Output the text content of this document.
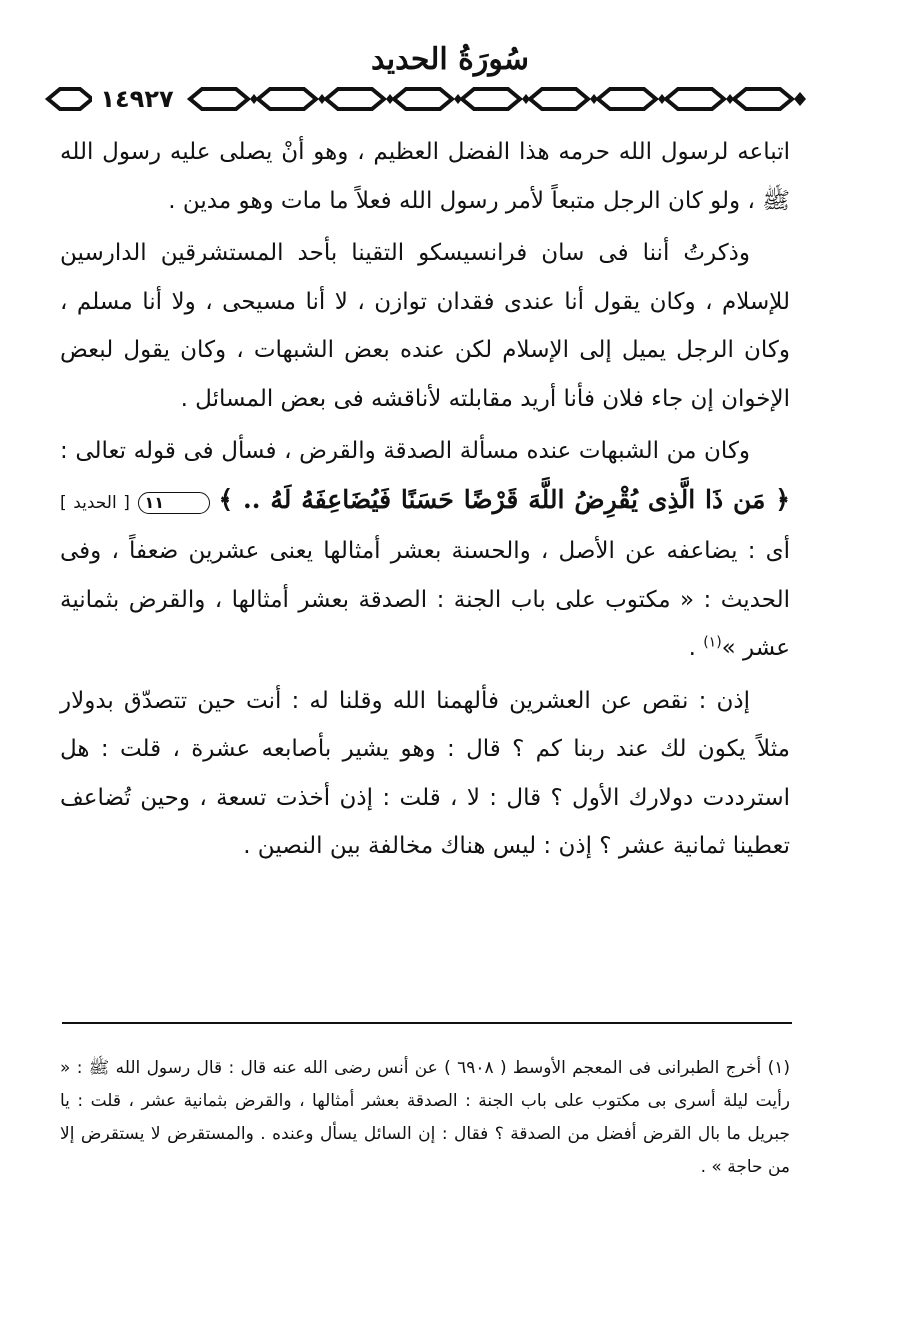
سُورَةُ الحديد
١٤٩٢٧

اتباعه لرسول الله حرمه هذا الفضل العظيم ، وهو أنْ يصلى عليه رسول الله ﷺ ، ولو كان الرجل متبعاً لأمر رسول الله فعلاً ما مات وهو مدين .

وذكرتُ أننا فى سان فرانسيسكو التقينا بأحد المستشرقين الدارسين للإسلام ، وكان يقول أنا عندى فقدان توازن ، لا أنا مسيحى ، ولا أنا مسلم ، وكان الرجل يميل إلى الإسلام لكن عنده بعض الشبهات ، وكان يقول لبعض الإخوان إن جاء فلان فأنا أريد مقابلته لأناقشه فى بعض المسائل .

وكان من الشبهات عنده مسألة الصدقة والقرض ، فسأل فى قوله تعالى : ﴿ مَن ذَا الَّذِى يُقْرِضُ اللَّهَ قَرْضًا حَسَنًا فَيُضَاعِفَهُ لَهُ .. ﴾ ١١ [ الحديد ] أى : يضاعفه عن الأصل ، والحسنة بعشر أمثالها يعنى عشرين ضعفاً ، وفى الحديث : « مكتوب على باب الجنة : الصدقة بعشر أمثالها ، والقرض بثمانية عشر »$^{(١)}$ .

إذن : نقص عن العشرين فألهمنا الله وقلنا له : أنت حين تتصدّق بدولار مثلاً يكون لك عند ربنا كم ؟ قال : وهو يشير بأصابعه عشرة ، قلت : هل استرددت دولارك الأول ؟ قال : لا ، قلت : إذن أخذت تسعة ، وحين تُضاعف تعطينا ثمانية عشر ؟ إذن : ليس هناك مخالفة بين النصين .

(١) أخرج الطبرانى فى المعجم الأوسط ( ٦٩٠٨ ) عن أنس رضى الله عنه قال : قال رسول الله ﷺ : « رأيت ليلة أسرى بى مكتوب على باب الجنة : الصدقة بعشر أمثالها ، والقرض بثمانية عشر ، قلت : يا جبريل ما بال القرض أفضل من الصدقة ؟ فقال : إن السائل يسأل وعنده . والمستقرض لا يستقرض إلا من حاجة » .
